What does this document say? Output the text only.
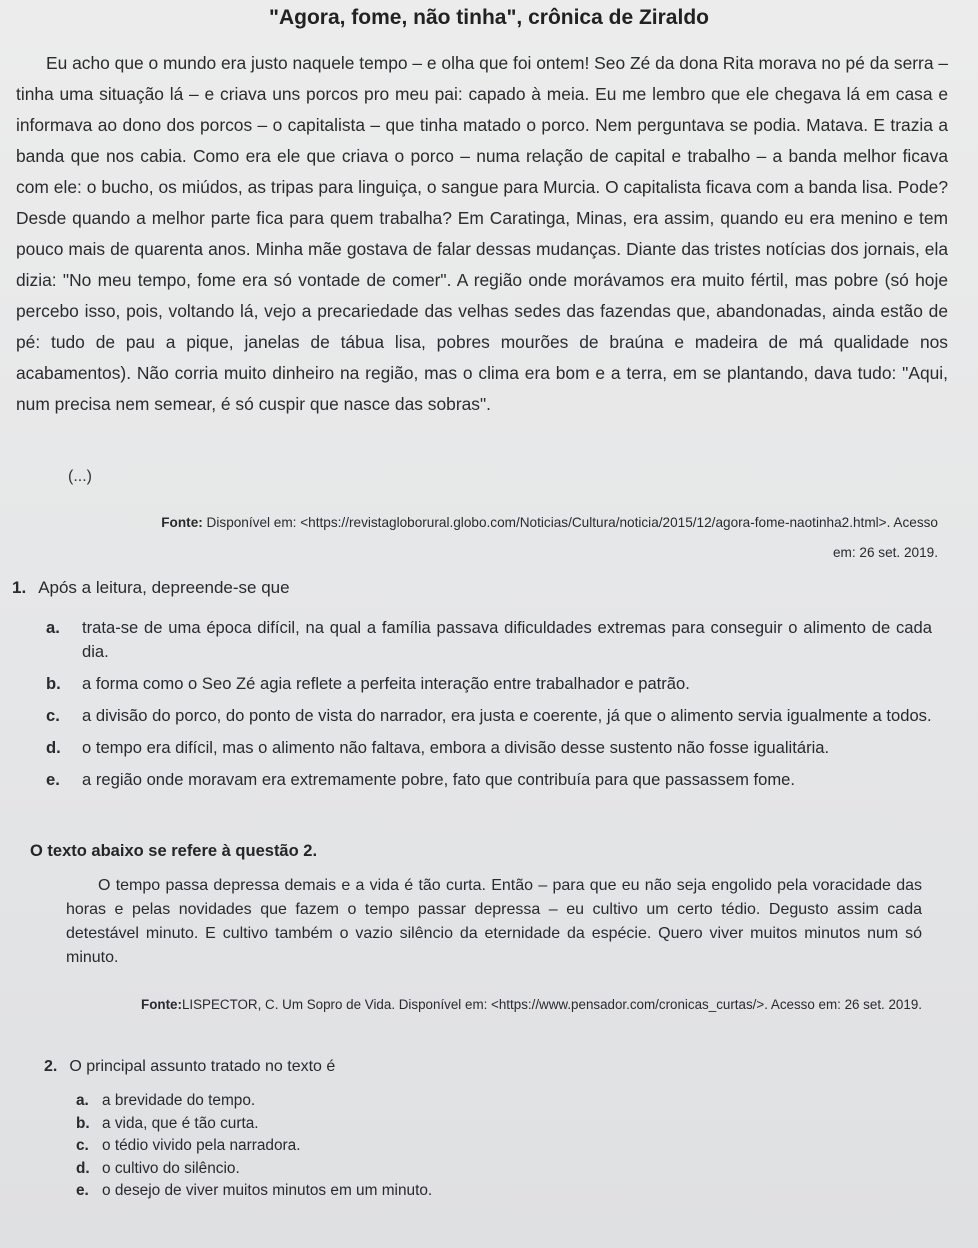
"Agora, fome, não tinha", crônica de Ziraldo

Eu acho que o mundo era justo naquele tempo – e olha que foi ontem! Seo Zé da dona Rita morava no pé da serra – tinha uma situação lá – e criava uns porcos pro meu pai: capado à meia. Eu me lembro que ele chegava lá em casa e informava ao dono dos porcos – o capitalista – que tinha matado o porco. Nem perguntava se podia. Matava. E trazia a banda que nos cabia. Como era ele que criava o porco – numa relação de capital e trabalho – a banda melhor ficava com ele: o bucho, os miúdos, as tripas para linguiça, o sangue para Murcia. O capitalista ficava com a banda lisa. Pode? Desde quando a melhor parte fica para quem trabalha? Em Caratinga, Minas, era assim, quando eu era menino e tem pouco mais de quarenta anos. Minha mãe gostava de falar dessas mudanças. Diante das tristes notícias dos jornais, ela dizia: "No meu tempo, fome era só vontade de comer". A região onde morávamos era muito fértil, mas pobre (só hoje percebo isso, pois, voltando lá, vejo a precariedade das velhas sedes das fazendas que, abandonadas, ainda estão de pé: tudo de pau a pique, janelas de tábua lisa, pobres mourões de braúna e madeira de má qualidade nos acabamentos). Não corria muito dinheiro na região, mas o clima era bom e a terra, em se plantando, dava tudo: "Aqui, num precisa nem semear, é só cuspir que nasce das sobras".

(...)
Fonte: Disponível em: <https://revistagloborural.globo.com/Noticias/Cultura/noticia/2015/12/agora-fome-naotinha2.html>. Acesso em: 26 set. 2019.
1. Após a leitura, depreende-se que
a. trata-se de uma época difícil, na qual a família passava dificuldades extremas para conseguir o alimento de cada dia.
b. a forma como o Seo Zé agia reflete a perfeita interação entre trabalhador e patrão.
c. a divisão do porco, do ponto de vista do narrador, era justa e coerente, já que o alimento servia igualmente a todos.
d. o tempo era difícil, mas o alimento não faltava, embora a divisão desse sustento não fosse igualitária.
e. a região onde moravam era extremamente pobre, fato que contribuía para que passassem fome.
O texto abaixo se refere à questão 2.

O tempo passa depressa demais e a vida é tão curta. Então – para que eu não seja engolido pela voracidade das horas e pelas novidades que fazem o tempo passar depressa – eu cultivo um certo tédio. Degusto assim cada detestável minuto. E cultivo também o vazio silêncio da eternidade da espécie. Quero viver muitos minutos num só minuto.

Fonte:LISPECTOR, C. Um Sopro de Vida. Disponível em: <https://www.pensador.com/cronicas_curtas/>. Acesso em: 26 set. 2019.
2. O principal assunto tratado no texto é
a. a brevidade do tempo.
b. a vida, que é tão curta.
c. o tédio vivido pela narradora.
d. o cultivo do silêncio.
e. o desejo de viver muitos minutos em um minuto.
